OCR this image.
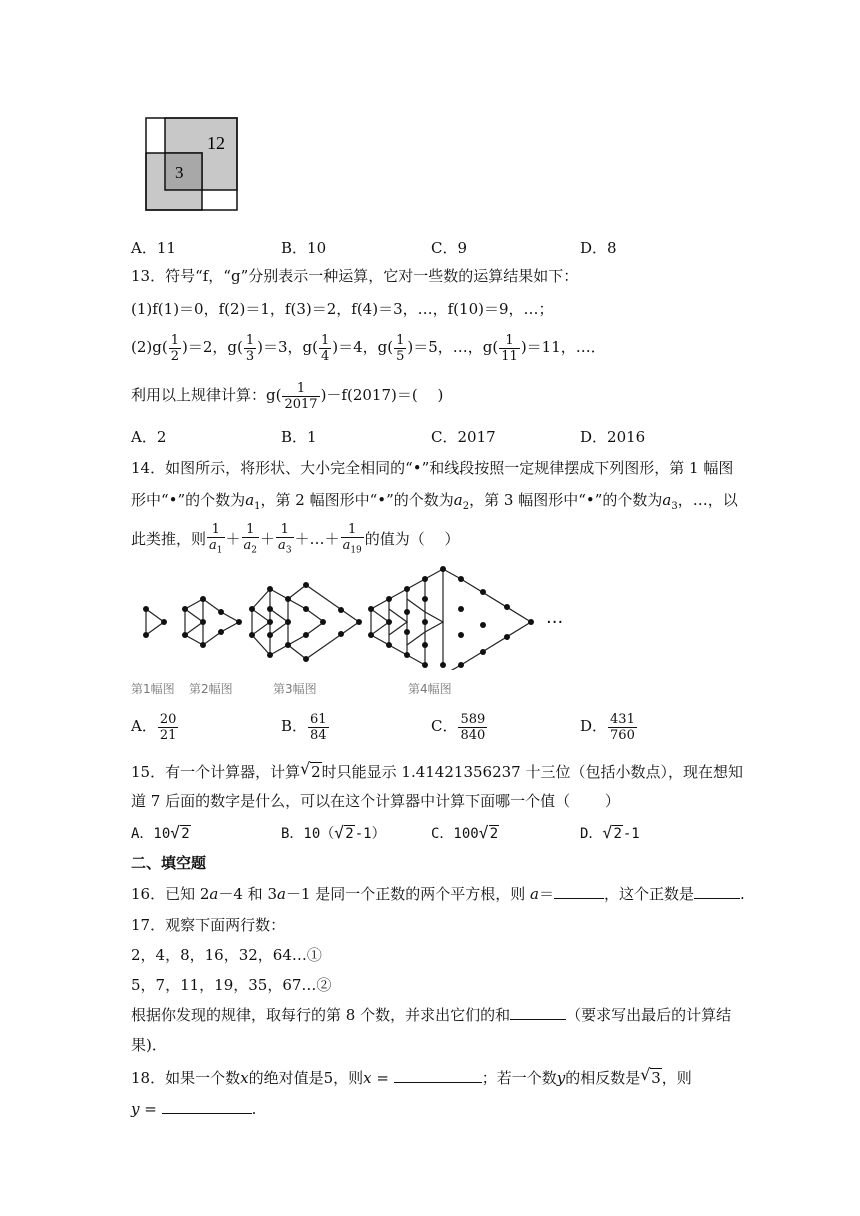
12
3
A．11	B．10	C．9	D．8
13．符号“f，“g”分别表示一种运算，它对一些数的运算结果如下：
(1)f(1)＝0，f(2)＝1，f(3)＝2，f(4)＝3，…，f(10)＝9，…；
$(2)g( \frac{1}{2} )=2$，$g( \frac{1}{3} )=3$，$g( \frac{1}{4} )=4$，$g( \frac{1}{5} )=5$，…，$g( \frac{1}{11} )=11$，…．
利用以上规律计算：$g( \frac{1}{2017} )-f(2017)=$(　 )
A．2	B．1	C．2017	D．2016
14．如图所示，将形状、大小完全相同的“•”和线段按照一定规律摆成下列图形，第 1 幅图
形中“•”的个数为$a_1$，第 2 幅图形中“•”的个数为$a_2$，第 3 幅图形中“•”的个数为$a_3$，…，以
此类推，则 $\frac{1}{a_1} + \frac{1}{a_2} + \frac{1}{a_3}$ ＋…＋ $\frac{1}{a_{19}}$ 的值为（　 ）
···
第1幅图 第2幅图	第3幅图	第4幅图
A． $\frac{20}{21}$	B． $\frac{61}{84}$	C． $\frac{589}{840}$	D． $\frac{431}{760}$
15．有一个计算器，计算 √ 2时只能显示 1.41421356237 十三位（包括小数点），现在想知
道 7 后面的数字是什么，可以在这个计算器中计算下面哪一个值（　　 ）
A．10 √ 2	B．10（ √ 2-1）	C．100 √ 2	D． √ 2-1
二、填空题
16．已知 2a－4 和 3a－1 是同一个正数的两个平方根，则 a＝	，这个正数是	.
17．观察下面两行数：
2，4，8，16，32，64…①
5，7，11，19，35，67…②
根据你发现的规律，取每行的第 8 个数，并求出它们的和	（要求写出最后的计算结
果)．
18．如果一个数x的绝对值是5，则x =	；若一个数y的相反数是 √ 3，则
y =	.
